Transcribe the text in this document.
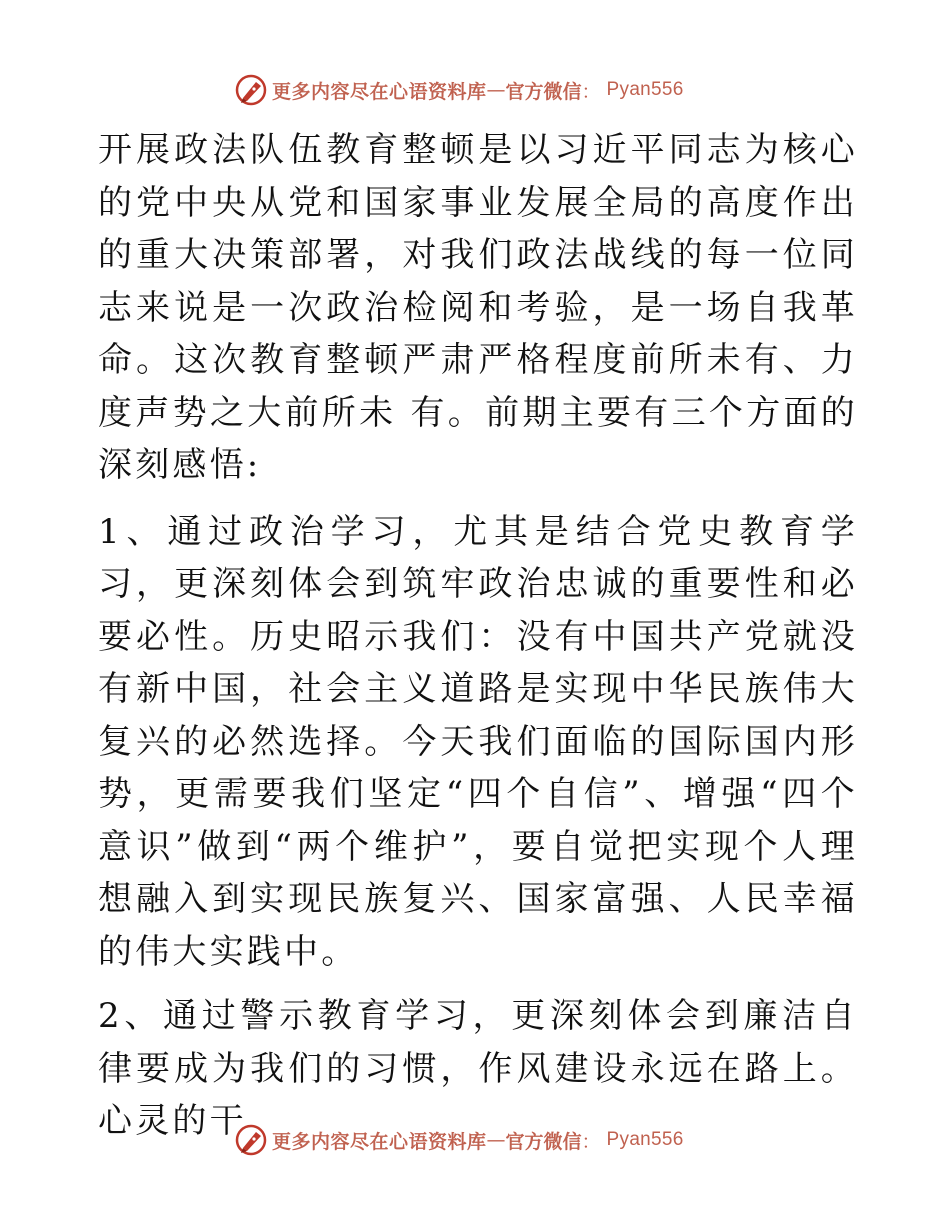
更多内容尽在心语资料库 — 官方微信 ： Pyan556

开展政法队伍教育整顿是以习近平同志为核心的党中央从党和国家事业发展全局的高度作出的重大决策部署，对我们政法战线的每一位同志来说是一次政治检阅和考验，是一场自我革命。这次教育整顿严肃严格程度前所未有、力度声势之大前所未 有。前期主要有三个方面的深刻感悟:

1、通过政治学习，尤其是结合党史教育学习，更深刻体会到筑牢政治忠诚的重要性和必要必性。历史昭示我们：没有中国共产党就没有新中国，社会主义道路是实现中华民族伟大复兴的必然选择。今天我们面临的国际国内形势，更需要我们坚定“四个自信”、增强“四个意识”做到“两个维护”，要自觉把实现个人理想融入到实现民族复兴、国家富强、人民幸福的伟大实践中。

2、通过警示教育学习，更深刻体会到廉洁自律要成为我们的习惯，作风建设永远在路上。心灵的干

更多内容尽在心语资料库 — 官方微信 ： Pyan556
